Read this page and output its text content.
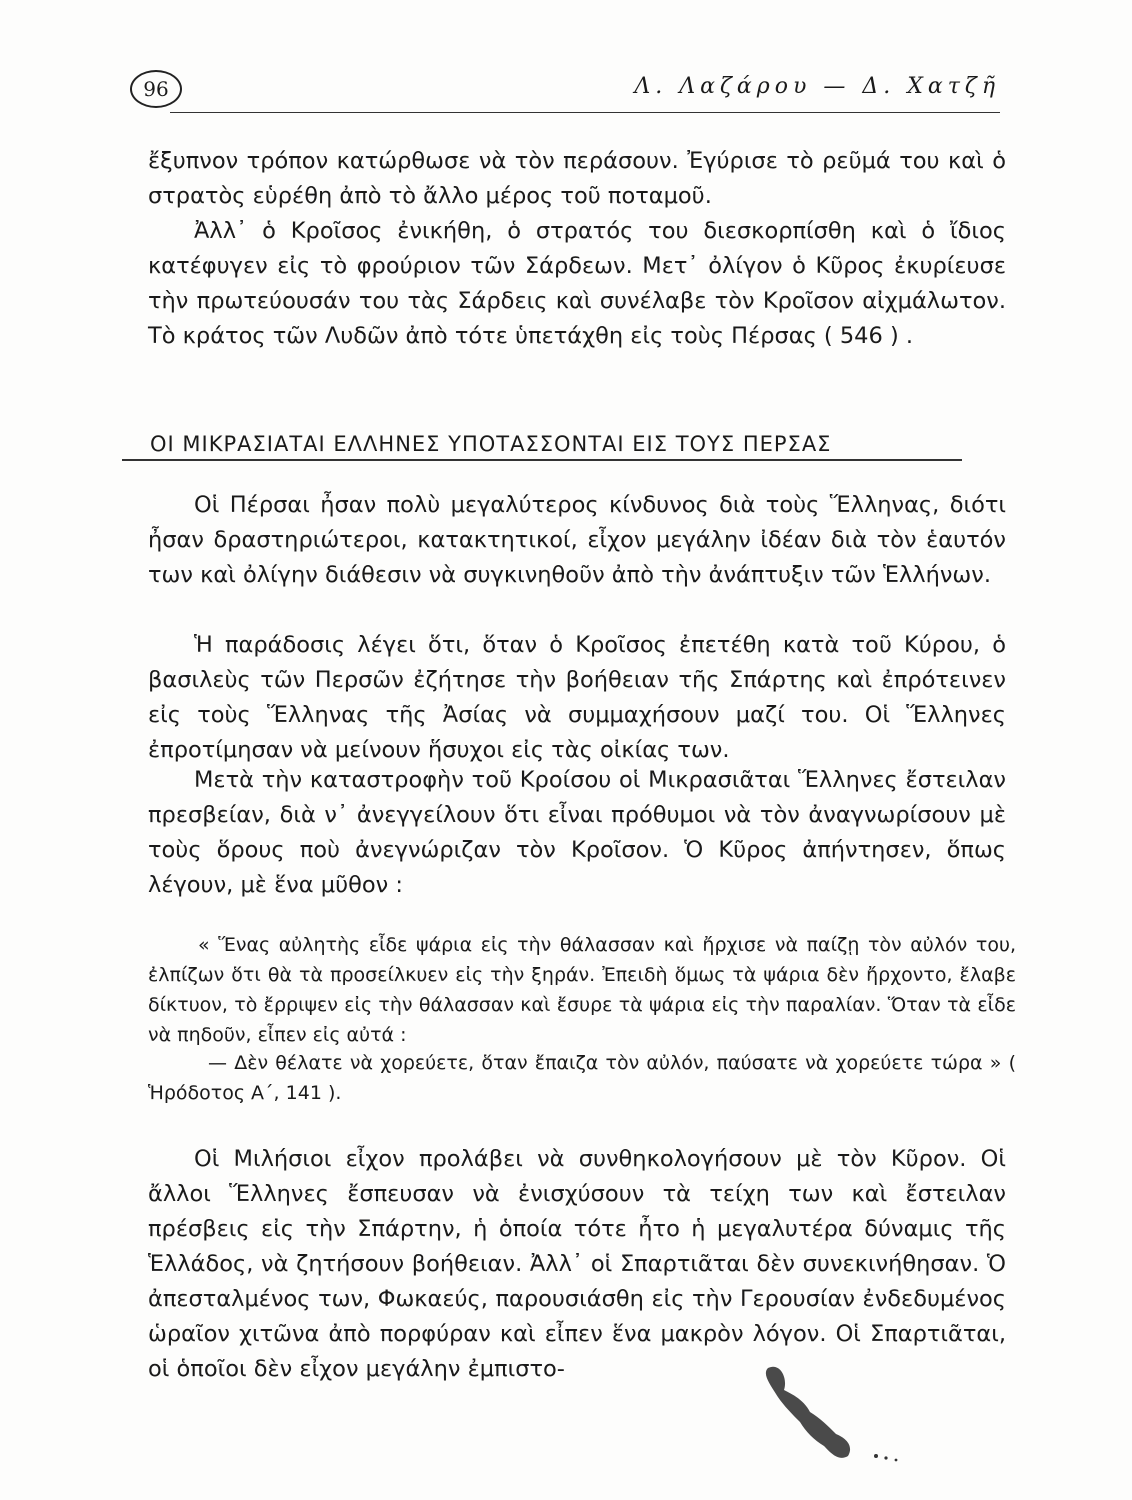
96	Λ. Λαζάρου — Δ. Χατζῆ

ἔξυπνον τρόπον κατώρθωσε νὰ τὸν περάσουν. Ἐγύρισε τὸ ρεῦμά του καὶ ὁ στρατὸς εὑρέθη ἀπὸ τὸ ἄλλο μέρος τοῦ ποταμοῦ.

Ἀλλ᾽ ὁ Κροῖσος ἐνικήθη, ὁ στρατός του διεσκορπίσθη καὶ ὁ ἴδιος κατέφυγεν εἰς τὸ φρούριον τῶν Σάρδεων. Μετ᾽ ὀλίγον ὁ Κῦρος ἐκυρίευσε τὴν πρωτεύουσάν του τὰς Σάρδεις καὶ συνέλαβε τὸν Κροῖσον αἰχμάλωτον. Τὸ κράτος τῶν Λυδῶν ἀπὸ τότε ὑπετάχθη εἰς τοὺς Πέρσας ( 546 ) .

ΟΙ ΜΙΚΡΑΣΙΑΤΑΙ ΕΛΛΗΝΕΣ ΥΠΟΤΑΣΣΟΝΤΑΙ ΕΙΣ ΤΟΥΣ ΠΕΡΣΑΣ

Οἱ Πέρσαι ἦσαν πολὺ μεγαλύτερος κίνδυνος διὰ τοὺς Ἕλληνας, διότι ἦσαν δραστηριώτεροι, κατακτητικοί, εἶχον μεγάλην ἰδέαν διὰ τὸν ἑαυτόν των καὶ ὀλίγην διάθεσιν νὰ συγκινηθοῦν ἀπὸ τὴν ἀνάπτυξιν τῶν Ἑλλήνων.

Ἡ παράδοσις λέγει ὅτι, ὅταν ὁ Κροῖσος ἐπετέθη κατὰ τοῦ Κύρου, ὁ βασιλεὺς τῶν Περσῶν ἐζήτησε τὴν βοήθειαν τῆς Σπάρτης καὶ ἐπρότεινεν εἰς τοὺς Ἕλληνας τῆς Ἀσίας νὰ συμμαχήσουν μαζί του. Οἱ Ἕλληνες ἐπροτίμησαν νὰ μείνουν ἥσυχοι εἰς τὰς οἰκίας των.

Μετὰ τὴν καταστροφὴν τοῦ Κροίσου οἱ Μικρασιᾶται Ἕλληνες ἔστειλαν πρεσβείαν, διὰ ν᾽ ἀνεγγείλουν ὅτι εἶναι πρόθυμοι νὰ τὸν ἀναγνωρίσουν μὲ τοὺς ὅρους ποὺ ἀνεγνώριζαν τὸν Κροῖσον. Ὁ Κῦρος ἀπήντησεν, ὅπως λέγουν, μὲ ἕνα μῦθον :

« Ἕνας αὐλητὴς εἶδε ψάρια εἰς τὴν θάλασσαν καὶ ἤρχισε νὰ παίζῃ τὸν αὐλόν του, ἐλπίζων ὅτι θὰ τὰ προσείλκυεν εἰς τὴν ξηράν. Ἐπειδὴ ὅμως τὰ ψάρια δὲν ἤρχοντο, ἔλαβε δίκτυον, τὸ ἔρριψεν εἰς τὴν θάλασσαν καὶ ἔσυρε τὰ ψάρια εἰς τὴν παραλίαν. Ὅταν τὰ εἶδε νὰ πηδοῦν, εἶπεν εἰς αὐτά :

— Δὲν θέλατε νὰ χορεύετε, ὅταν ἔπαιζα τὸν αὐλόν, παύσατε νὰ χορεύετε τώρα » ( Ἡρόδοτος Α΄, 141 ).

Οἱ Μιλήσιοι εἶχον προλάβει νὰ συνθηκολογήσουν μὲ τὸν Κῦρον. Οἱ ἄλλοι Ἕλληνες ἔσπευσαν νὰ ἐνισχύσουν τὰ τείχη των καὶ ἔστειλαν πρέσβεις εἰς τὴν Σπάρτην, ἡ ὁποία τότε ἦτο ἡ μεγαλυτέρα δύναμις τῆς Ἑλλάδος, νὰ ζητήσουν βοήθειαν. Ἀλλ᾽ οἱ Σπαρτιᾶται δὲν συνεκινήθησαν. Ὁ ἀπεσταλμένος των, Φωκαεύς, παρουσιάσθη εἰς τὴν Γερουσίαν ἐνδεδυμένος ὡραῖον χιτῶνα ἀπὸ πορφύραν καὶ εἶπεν ἕνα μακρὸν λόγον. Οἱ Σπαρτιᾶται, οἱ ὁποῖοι δὲν εἶχον μεγάλην ἐμπιστο-
